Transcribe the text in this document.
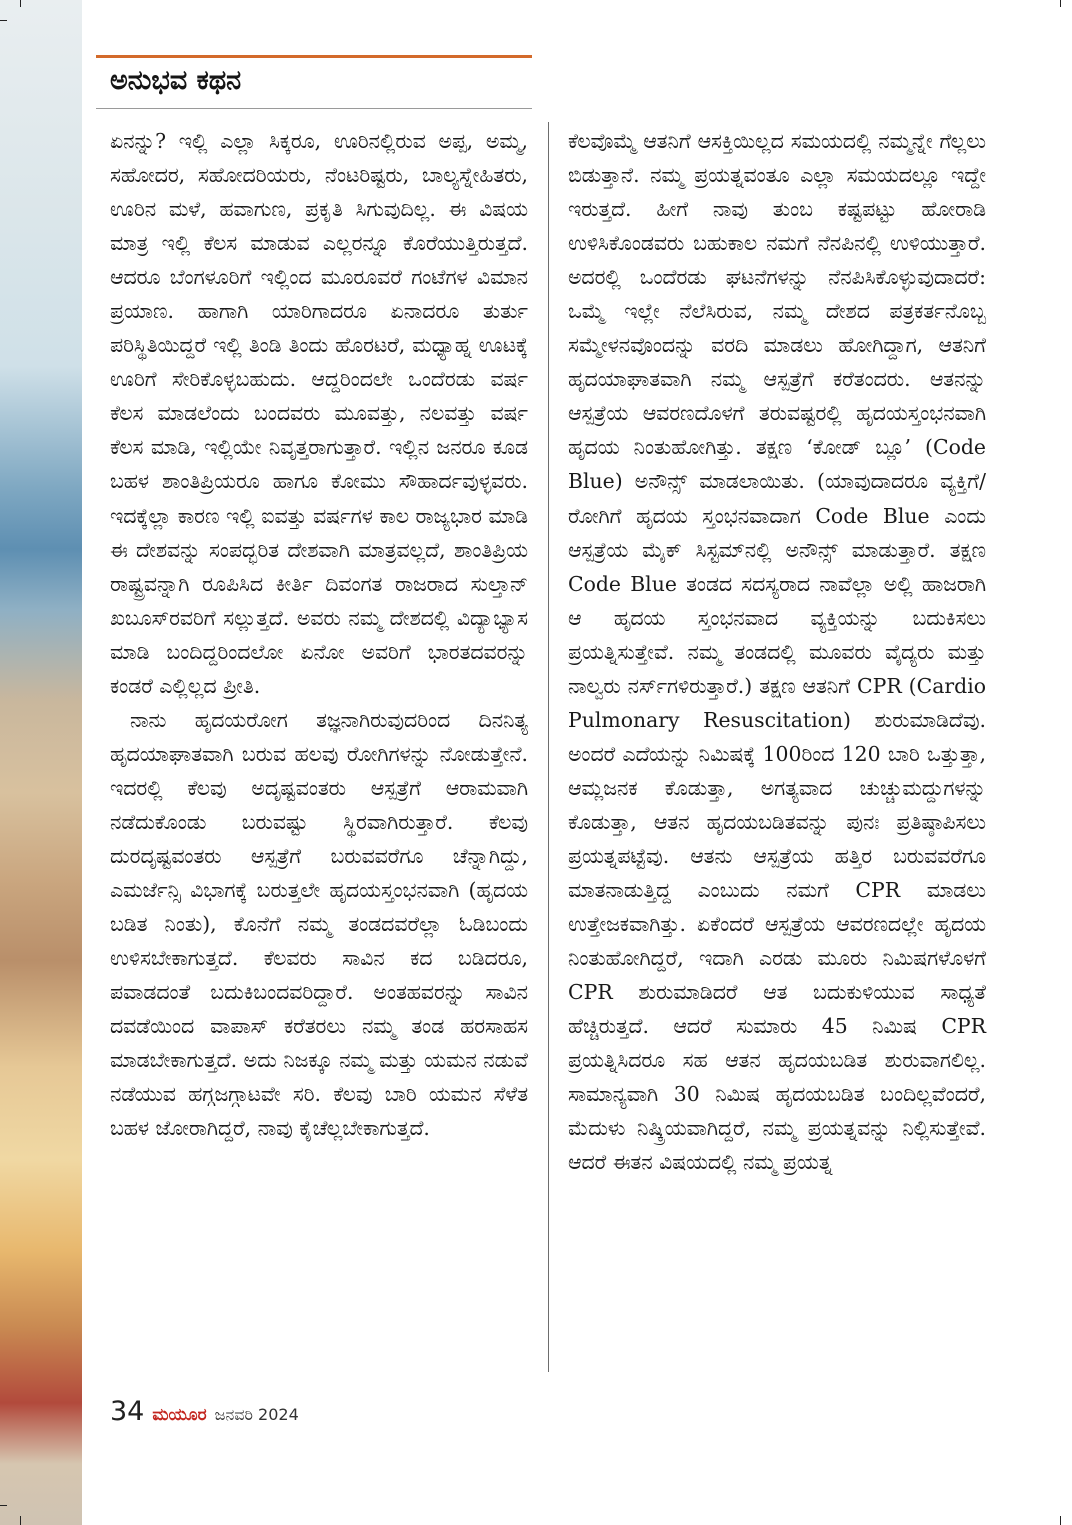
ಅನುಭವ ಕಥನ

ಏನನ್ನು? ಇಲ್ಲಿ ಎಲ್ಲಾ ಸಿಕ್ಕರೂ, ಊರಿನಲ್ಲಿರುವ ಅಪ್ಪ, ಅಮ್ಮ, ಸಹೋದರ, ಸಹೋದರಿಯರು, ನೆಂಟರಿಷ್ಟರು, ಬಾಲ್ಯಸ್ನೇಹಿತರು, ಊರಿನ ಮಳೆ, ಹವಾಗುಣ, ಪ್ರಕೃತಿ ಸಿಗುವುದಿಲ್ಲ. ಈ ವಿಷಯ ಮಾತ್ರ ಇಲ್ಲಿ ಕೆಲಸ ಮಾಡುವ ಎಲ್ಲರನ್ನೂ ಕೊರೆಯುತ್ತಿರುತ್ತದೆ. ಆದರೂ ಬೆಂಗಳೂರಿಗೆ ಇಲ್ಲಿಂದ ಮೂರೂವರೆ ಗಂಟೆಗಳ ವಿಮಾನ ಪ್ರಯಾಣ. ಹಾಗಾಗಿ ಯಾರಿಗಾದರೂ ಏನಾದರೂ ತುರ್ತು ಪರಿಸ್ಥಿತಿಯಿದ್ದರೆ ಇಲ್ಲಿ ತಿಂಡಿ ತಿಂದು ಹೊರಟರೆ, ಮಧ್ಯಾಹ್ನ ಊಟಕ್ಕೆ ಊರಿಗೆ ಸೇರಿಕೊಳ್ಳಬಹುದು. ಆದ್ದರಿಂದಲೇ ಒಂದೆರಡು ವರ್ಷ ಕೆಲಸ ಮಾಡಲೆಂದು ಬಂದವರು ಮೂವತ್ತು, ನಲವತ್ತು ವರ್ಷ ಕೆಲಸ ಮಾಡಿ, ಇಲ್ಲಿಯೇ ನಿವೃತ್ತರಾಗುತ್ತಾರೆ. ಇಲ್ಲಿನ ಜನರೂ ಕೂಡ ಬಹಳ ಶಾಂತಿಪ್ರಿಯರೂ ಹಾಗೂ ಕೋಮು ಸೌಹಾರ್ದವುಳ್ಳವರು. ಇದಕ್ಕೆಲ್ಲಾ ಕಾರಣ ಇಲ್ಲಿ ಐವತ್ತು ವರ್ಷಗಳ ಕಾಲ ರಾಜ್ಯಭಾರ ಮಾಡಿ ಈ ದೇಶವನ್ನು ಸಂಪದ್ಭರಿತ ದೇಶವಾಗಿ ಮಾತ್ರವಲ್ಲದೆ, ಶಾಂತಿಪ್ರಿಯ ರಾಷ್ಟ್ರವನ್ನಾಗಿ ರೂಪಿಸಿದ ಕೀರ್ತಿ ದಿವಂಗತ ರಾಜರಾದ ಸುಲ್ತಾನ್ ಖಬೂಸ್‌ರವರಿಗೆ ಸಲ್ಲುತ್ತದೆ. ಅವರು ನಮ್ಮ ದೇಶದಲ್ಲಿ ವಿದ್ಯಾಭ್ಯಾಸ ಮಾಡಿ ಬಂದಿದ್ದರಿಂದಲೋ ಏನೋ ಅವರಿಗೆ ಭಾರತದವರನ್ನು ಕಂಡರೆ ಎಲ್ಲಿಲ್ಲದ ಪ್ರೀತಿ.

ನಾನು ಹೃದಯರೋಗ ತಜ್ಞನಾಗಿರುವುದರಿಂದ ದಿನನಿತ್ಯ ಹೃದಯಾಘಾತವಾಗಿ ಬರುವ ಹಲವು ರೋಗಿಗಳನ್ನು ನೋಡುತ್ತೇನೆ. ಇದರಲ್ಲಿ ಕೆಲವು ಅದೃಷ್ಟವಂತರು ಆಸ್ಪತ್ರೆಗೆ ಆರಾಮವಾಗಿ ನಡೆದುಕೊಂಡು ಬರುವಷ್ಟು ಸ್ಥಿರವಾಗಿರುತ್ತಾರೆ. ಕೆಲವು ದುರದೃಷ್ಟವಂತರು ಆಸ್ಪತ್ರೆಗೆ ಬರುವವರೆಗೂ ಚೆನ್ನಾಗಿದ್ದು, ಎಮರ್ಜೆನ್ಸಿ ವಿಭಾಗಕ್ಕೆ ಬರುತ್ತಲೇ ಹೃದಯಸ್ತಂಭನವಾಗಿ (ಹೃದಯ ಬಡಿತ ನಿಂತು), ಕೊನೆಗೆ ನಮ್ಮ ತಂಡದವರೆಲ್ಲಾ ಓಡಿಬಂದು ಉಳಿಸಬೇಕಾಗುತ್ತದೆ. ಕೆಲವರು ಸಾವಿನ ಕದ ಬಡಿದರೂ, ಪವಾಡದಂತೆ ಬದುಕಿಬಂದವರಿದ್ದಾರೆ. ಅಂತಹವರನ್ನು ಸಾವಿನ ದವಡೆಯಿಂದ ವಾಪಾಸ್ ಕರೆತರಲು ನಮ್ಮ ತಂಡ ಹರಸಾಹಸ ಮಾಡಬೇಕಾಗುತ್ತದೆ. ಅದು ನಿಜಕ್ಕೂ ನಮ್ಮ ಮತ್ತು ಯಮನ ನಡುವೆ ನಡೆಯುವ ಹಗ್ಗಜಗ್ಗಾಟವೇ ಸರಿ. ಕೆಲವು ಬಾರಿ ಯಮನ ಸೆಳೆತ ಬಹಳ ಜೋರಾಗಿದ್ದರೆ, ನಾವು ಕೈಚೆಲ್ಲಬೇಕಾಗುತ್ತದೆ.

ಕೆಲವೊಮ್ಮೆ ಆತನಿಗೆ ಆಸಕ್ತಿಯಿಲ್ಲದ ಸಮಯದಲ್ಲಿ ನಮ್ಮನ್ನೇ ಗೆಲ್ಲಲು ಬಿಡುತ್ತಾನೆ. ನಮ್ಮ ಪ್ರಯತ್ನವಂತೂ ಎಲ್ಲಾ ಸಮಯದಲ್ಲೂ ಇದ್ದೇ ಇರುತ್ತದೆ. ಹೀಗೆ ನಾವು ತುಂಬ ಕಷ್ಟಪಟ್ಟು ಹೋರಾಡಿ ಉಳಿಸಿಕೊಂಡವರು ಬಹುಕಾಲ ನಮಗೆ ನೆನಪಿನಲ್ಲಿ ಉಳಿಯುತ್ತಾರೆ. ಅದರಲ್ಲಿ ಒಂದೆರಡು ಘಟನೆಗಳನ್ನು ನೆನಪಿಸಿಕೊಳ್ಳುವುದಾದರೆ: ಒಮ್ಮೆ ಇಲ್ಲೇ ನೆಲೆಸಿರುವ, ನಮ್ಮ ದೇಶದ ಪತ್ರಕರ್ತನೊಬ್ಬ ಸಮ್ಮೇಳನವೊಂದನ್ನು ವರದಿ ಮಾಡಲು ಹೋಗಿದ್ದಾಗ, ಆತನಿಗೆ ಹೃದಯಾಘಾತವಾಗಿ ನಮ್ಮ ಆಸ್ಪತ್ರೆಗೆ ಕರೆತಂದರು. ಆತನನ್ನು ಆಸ್ಪತ್ರೆಯ ಆವರಣದೊಳಗೆ ತರುವಷ್ಟರಲ್ಲಿ ಹೃದಯಸ್ತಂಭನವಾಗಿ ಹೃದಯ ನಿಂತುಹೋಗಿತ್ತು. ತಕ್ಷಣ ‘ಕೋಡ್ ಬ್ಲೂ’ (Code Blue) ಅನೌನ್ಸ್ ಮಾಡಲಾಯಿತು. (ಯಾವುದಾದರೂ ವ್ಯಕ್ತಿಗೆ/ರೋಗಿಗೆ ಹೃದಯ ಸ್ತಂಭನವಾದಾಗ Code Blue ಎಂದು ಆಸ್ಪತ್ರೆಯ ಮೈಕ್ ಸಿಸ್ಟಮ್‌ನಲ್ಲಿ ಅನೌನ್ಸ್ ಮಾಡುತ್ತಾರೆ. ತಕ್ಷಣ Code Blue ತಂಡದ ಸದಸ್ಯರಾದ ನಾವೆಲ್ಲಾ ಅಲ್ಲಿ ಹಾಜರಾಗಿ ಆ ಹೃದಯ ಸ್ತಂಭನವಾದ ವ್ಯಕ್ತಿಯನ್ನು ಬದುಕಿಸಲು ಪ್ರಯತ್ನಿಸುತ್ತೇವೆ. ನಮ್ಮ ತಂಡದಲ್ಲಿ ಮೂವರು ವೈದ್ಯರು ಮತ್ತು ನಾಲ್ವರು ನರ್ಸ್‌ಗಳಿರುತ್ತಾರೆ.) ತಕ್ಷಣ ಆತನಿಗೆ CPR (Cardio Pulmonary Resuscitation) ಶುರುಮಾಡಿದೆವು. ಅಂದರೆ ಎದೆಯನ್ನು ನಿಮಿಷಕ್ಕೆ 100ರಿಂದ 120 ಬಾರಿ ಒತ್ತುತ್ತಾ, ಆಮ್ಲಜನಕ ಕೊಡುತ್ತಾ, ಅಗತ್ಯವಾದ ಚುಚ್ಚುಮದ್ದುಗಳನ್ನು ಕೊಡುತ್ತಾ, ಆತನ ಹೃದಯಬಡಿತವನ್ನು ಪುನಃ ಪ್ರತಿಷ್ಠಾಪಿಸಲು ಪ್ರಯತ್ನಪಟ್ಟೆವು. ಆತನು ಆಸ್ಪತ್ರೆಯ ಹತ್ತಿರ ಬರುವವರೆಗೂ ಮಾತನಾಡುತ್ತಿದ್ದ ಎಂಬುದು ನಮಗೆ CPR ಮಾಡಲು ಉತ್ತೇಜಕವಾಗಿತ್ತು. ಏಕೆಂದರೆ ಆಸ್ಪತ್ರೆಯ ಆವರಣದಲ್ಲೇ ಹೃದಯ ನಿಂತುಹೋಗಿದ್ದರೆ, ಇದಾಗಿ ಎರಡು ಮೂರು ನಿಮಿಷಗಳೊಳಗೆ CPR ಶುರುಮಾಡಿದರೆ ಆತ ಬದುಕುಳಿಯುವ ಸಾಧ್ಯತೆ ಹೆಚ್ಚಿರುತ್ತದೆ. ಆದರೆ ಸುಮಾರು 45 ನಿಮಿಷ CPR ಪ್ರಯತ್ನಿಸಿದರೂ ಸಹ ಆತನ ಹೃದಯಬಡಿತ ಶುರುವಾಗಲಿಲ್ಲ. ಸಾಮಾನ್ಯವಾಗಿ 30 ನಿಮಿಷ ಹೃದಯಬಡಿತ ಬಂದಿಲ್ಲವೆಂದರೆ, ಮೆದುಳು ನಿಷ್ಕ್ರಿಯವಾಗಿದ್ದರೆ, ನಮ್ಮ ಪ್ರಯತ್ನವನ್ನು ನಿಲ್ಲಿಸುತ್ತೇವೆ. ಆದರೆ ಈತನ ವಿಷಯದಲ್ಲಿ ನಮ್ಮ ಪ್ರಯತ್ನ

34 ಮಯೂರ ಜನವರಿ 2024
